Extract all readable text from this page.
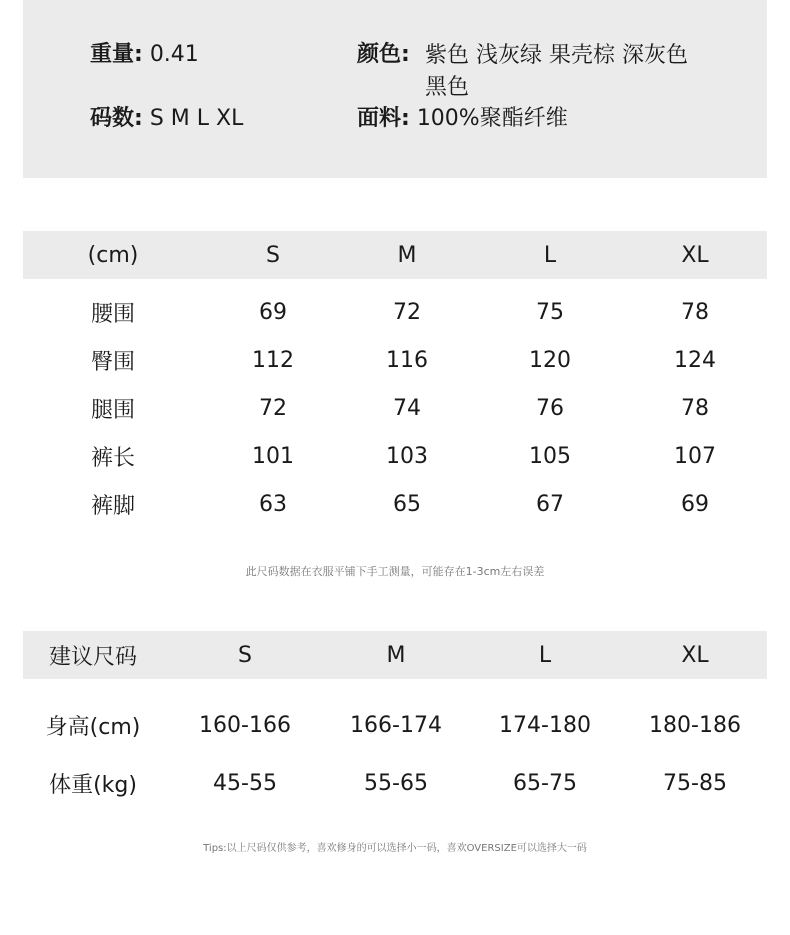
重量: 0.41
码数: S M L XL
颜色: 紫色 浅灰绿 果壳棕 深灰色 黑色
面料: 100%聚酯纤维
(cm)	S	M	L	XL
腰围	69	72	75	78
臀围	112	116	120	124
腿围	72	74	76	78
裤长	101	103	105	107
裤脚	63	65	67	69
此尺码数据在衣服平铺下手工测量，可能存在1-3cm左右误差
建议尺码	S	M	L	XL
身高(cm)	160-166	166-174	174-180	180-186
体重(kg)	45-55	55-65	65-75	75-85
Tips:以上尺码仅供参考，喜欢修身的可以选择小一码，喜欢OVERSIZE可以选择大一码
